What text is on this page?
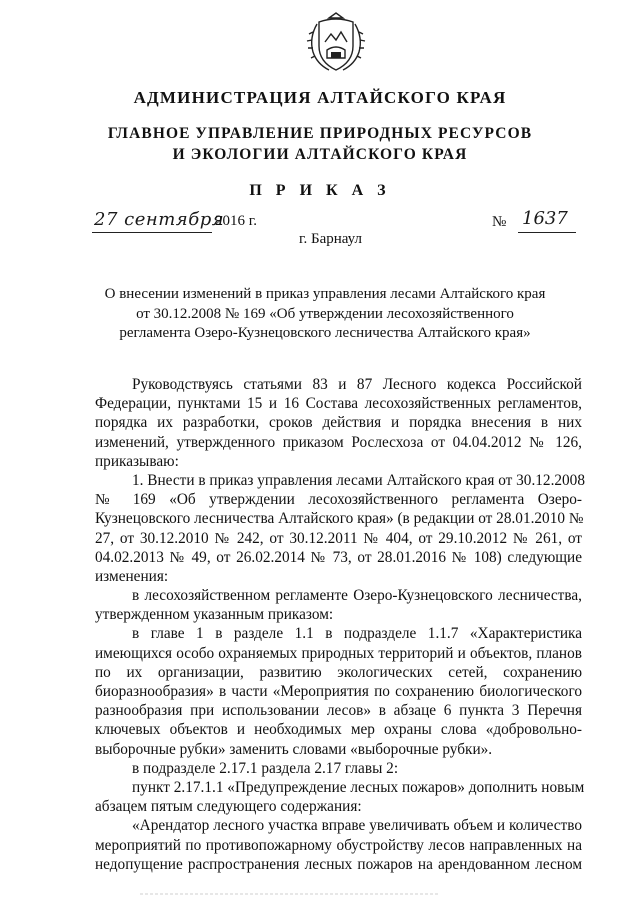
АДМИНИСТРАЦИЯ АЛТАЙСКОГО КРАЯ
ГЛАВНОЕ УПРАВЛЕНИЕ ПРИРОДНЫХ РЕСУРСОВ
И ЭКОЛОГИИ АЛТАЙСКОГО КРАЯ
П Р И К А З
27 сентября
2016 г.	№ 1637
г. Барнаул
О внесении изменений в приказ управления лесами Алтайского края
от 30.12.2008 № 169 «Об утверждении лесохозяйственного
регламента Озеро-Кузнецовского лесничества Алтайского края»
Руководствуясь статьями 83 и 87 Лесного кодекса Российской
Федерации, пунктами 15 и 16 Состава лесохозяйственных регламентов,
порядка их разработки, сроков действия и порядка внесения в них
изменений, утвержденного приказом Рослесхоза от 04.04.2012 № 126,
приказываю:
1. Внести в приказ управления лесами Алтайского края от 30.12.2008
№ 169 «Об утверждении лесохозяйственного регламента Озеро-
Кузнецовского лесничества Алтайского края» (в редакции от 28.01.2010 №
27, от 30.12.2010 № 242, от 30.12.2011 № 404, от 29.10.2012 № 261, от
04.02.2013 № 49, от 26.02.2014 № 73, от 28.01.2016 № 108) следующие
изменения:
в лесохозяйственном регламенте Озеро-Кузнецовского лесничества,
утвержденном указанным приказом:
в главе 1 в разделе 1.1 в подразделе 1.1.7 «Характеристика
имеющихся особо охраняемых природных территорий и объектов, планов
по их организации, развитию экологических сетей, сохранению
биоразнообразия» в части «Мероприятия по сохранению биологического
разнообразия при использовании лесов» в абзаце 6 пункта 3 Перечня
ключевых объектов и необходимых мер охраны слова «добровольно-
выборочные рубки» заменить словами «выборочные рубки».
в подразделе 2.17.1 раздела 2.17 главы 2:
пункт 2.17.1.1 «Предупреждение лесных пожаров» дополнить новым
абзацем пятым следующего содержания:
«Арендатор лесного участка вправе увеличивать объем и количество
мероприятий по противопожарному обустройству лесов направленных на
недопущение распространения лесных пожаров на арендованном лесном
